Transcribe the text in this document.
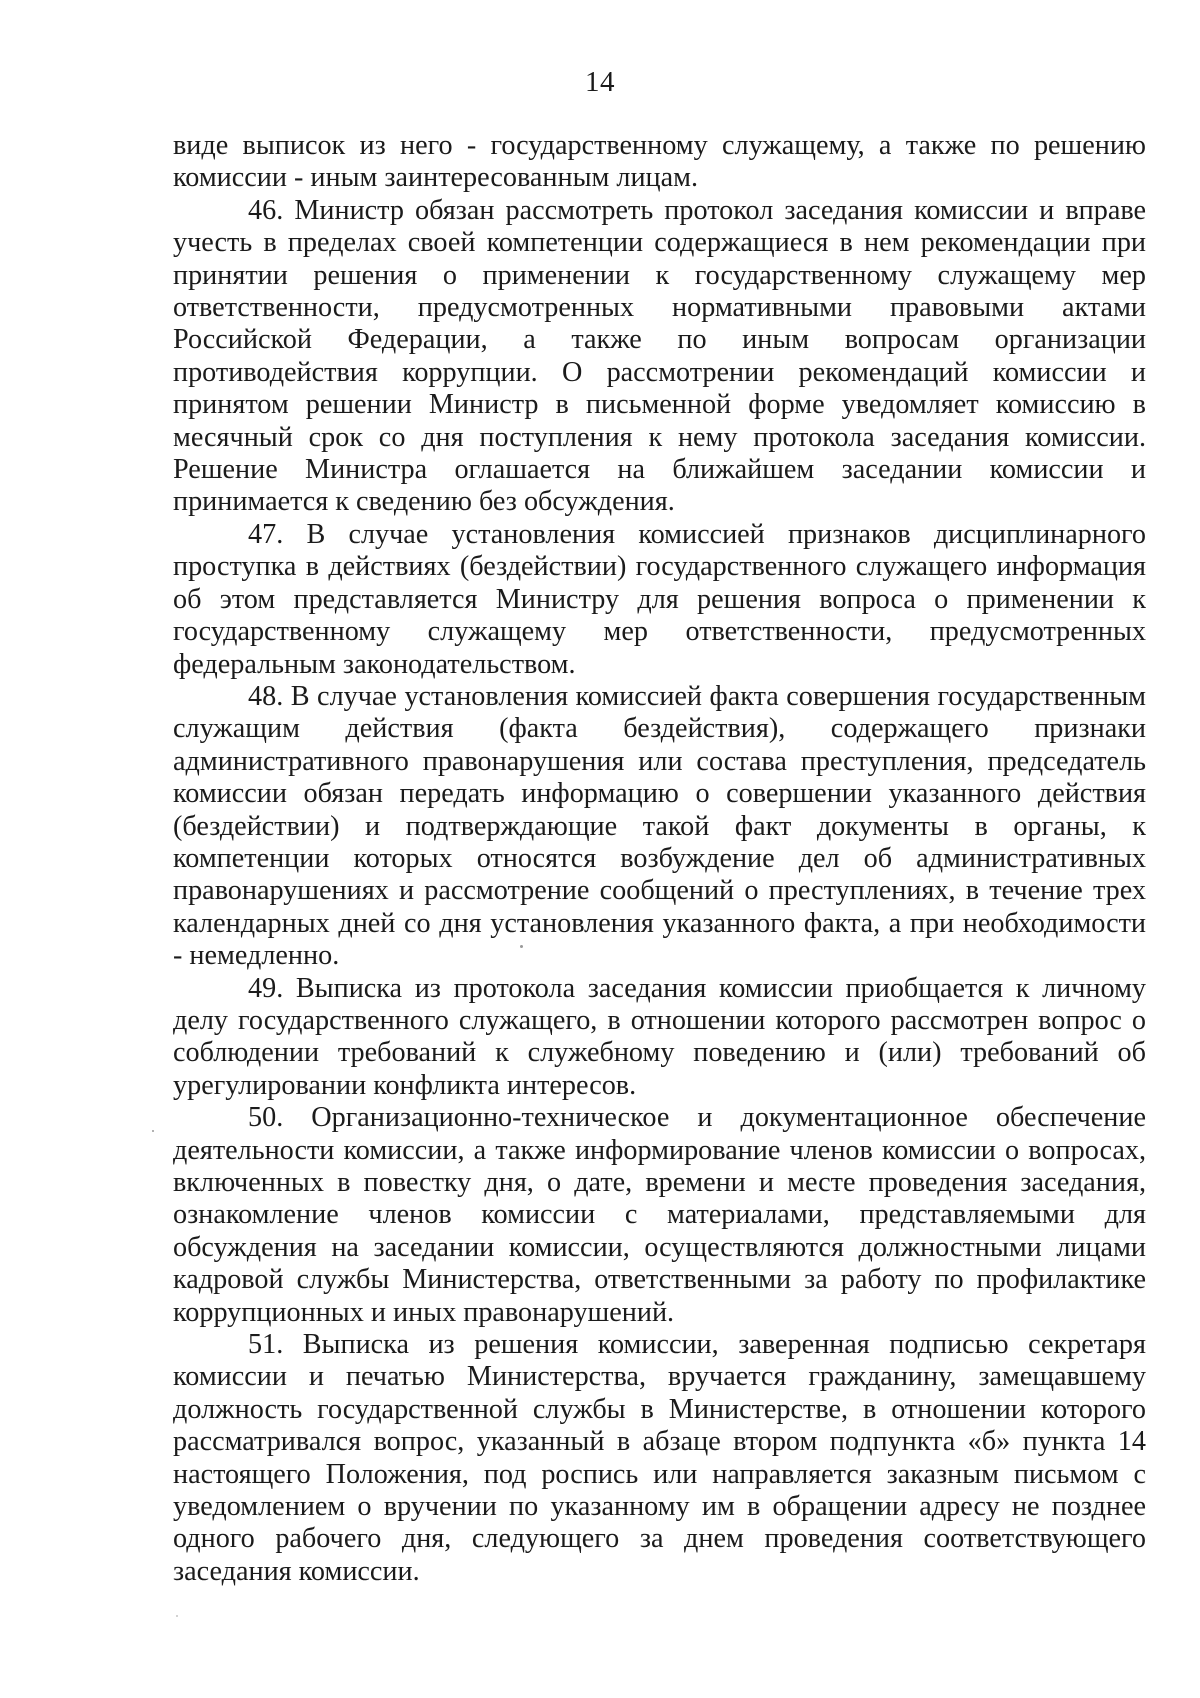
14

виде выписок из него - государственному служащему, а также по решению комиссии - иным заинтересованным лицам.

46. Министр обязан рассмотреть протокол заседания комиссии и вправе учесть в пределах своей компетенции содержащиеся в нем рекомендации при принятии решения о применении к государственному служащему мер ответственности, предусмотренных нормативными правовыми актами Российской Федерации, а также по иным вопросам организации противодействия коррупции. О рассмотрении рекомендаций комиссии и принятом решении Министр в письменной форме уведомляет комиссию в месячный срок со дня поступления к нему протокола заседания комиссии. Решение Министра оглашается на ближайшем заседании комиссии и принимается к сведению без обсуждения.

47. В случае установления комиссией признаков дисциплинарного проступка в действиях (бездействии) государственного служащего информация об этом представляется Министру для решения вопроса о применении к государственному служащему мер ответственности, предусмотренных федеральным законодательством.

48. В случае установления комиссией факта совершения государственным служащим действия (факта бездействия), содержащего признаки административного правонарушения или состава преступления, председатель комиссии обязан передать информацию о совершении указанного действия (бездействии) и подтверждающие такой факт документы в органы, к компетенции которых относятся возбуждение дел об административных правонарушениях и рассмотрение сообщений о преступлениях, в течение трех календарных дней со дня установления указанного факта, а при необходимости - немедленно.

49. Выписка из протокола заседания комиссии приобщается к личному делу государственного служащего, в отношении которого рассмотрен вопрос о соблюдении требований к служебному поведению и (или) требований об урегулировании конфликта интересов.

50. Организационно-техническое и документационное обеспечение деятельности комиссии, а также информирование членов комиссии о вопросах, включенных в повестку дня, о дате, времени и месте проведения заседания, ознакомление членов комиссии с материалами, представляемыми для обсуждения на заседании комиссии, осуществляются должностными лицами кадровой службы Министерства, ответственными за работу по профилактике коррупционных и иных правонарушений.

51. Выписка из решения комиссии, заверенная подписью секретаря комиссии и печатью Министерства, вручается гражданину, замещавшему должность государственной службы в Министерстве, в отношении которого рассматривался вопрос, указанный в абзаце втором подпункта «б» пункта 14 настоящего Положения, под роспись или направляется заказным письмом с уведомлением о вручении по указанному им в обращении адресу не позднее одного рабочего дня, следующего за днем проведения соответствующего заседания комиссии.
